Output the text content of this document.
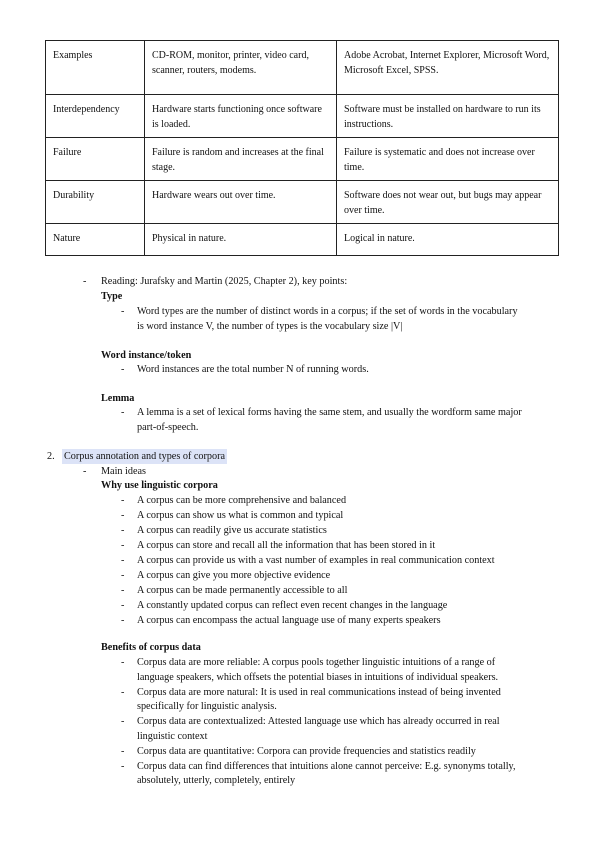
Examples	CD-ROM, monitor, printer, video card, scanner, routers, modems.	Adobe Acrobat, Internet Explorer, Microsoft Word, Microsoft Excel, SPSS.
Interdependency	Hardware starts functioning once software is loaded.	Software must be installed on hardware to run its instructions.
Failure	Failure is random and increases at the final stage.	Failure is systematic and does not increase over time.
Durability	Hardware wears out over time.	Software does not wear out, but bugs may appear over time.
Nature	Physical in nature.	Logical in nature.
- Reading: Jurafsky and Martin (2025, Chapter 2), key points:
Type
- Word types are the number of distinct words in a corpus; if the set of words in the vocabulary
is word instance V, the number of types is the vocabulary size |V|
Word instance/token
- Word instances are the total number N of running words.
Lemma
- A lemma is a set of lexical forms having the same stem, and usually the wordform same major
part-of-speech.
2. Corpus annotation and types of corpora
- Main ideas
Why use linguistic corpora
- A corpus can be more comprehensive and balanced
- A corpus can show us what is common and typical
- A corpus can readily give us accurate statistics
- A corpus can store and recall all the information that has been stored in it
- A corpus can provide us with a vast number of examples in real communication context
- A corpus can give you more objective evidence
- A corpus can be made permanently accessible to all
- A constantly updated corpus can reflect even recent changes in the language
- A corpus can encompass the actual language use of many experts speakers
Benefits of corpus data
- Corpus data are more reliable: A corpus pools together linguistic intuitions of a range of
language speakers, which offsets the potential biases in intuitions of individual speakers.
- Corpus data are more natural: It is used in real communications instead of being invented
specifically for linguistic analysis.
- Corpus data are contextualized: Attested language use which has already occurred in real
linguistic context
- Corpus data are quantitative: Corpora can provide frequencies and statistics readily
- Corpus data can find differences that intuitions alone cannot perceive: E.g. synonyms totally,
absolutely, utterly, completely, entirely
